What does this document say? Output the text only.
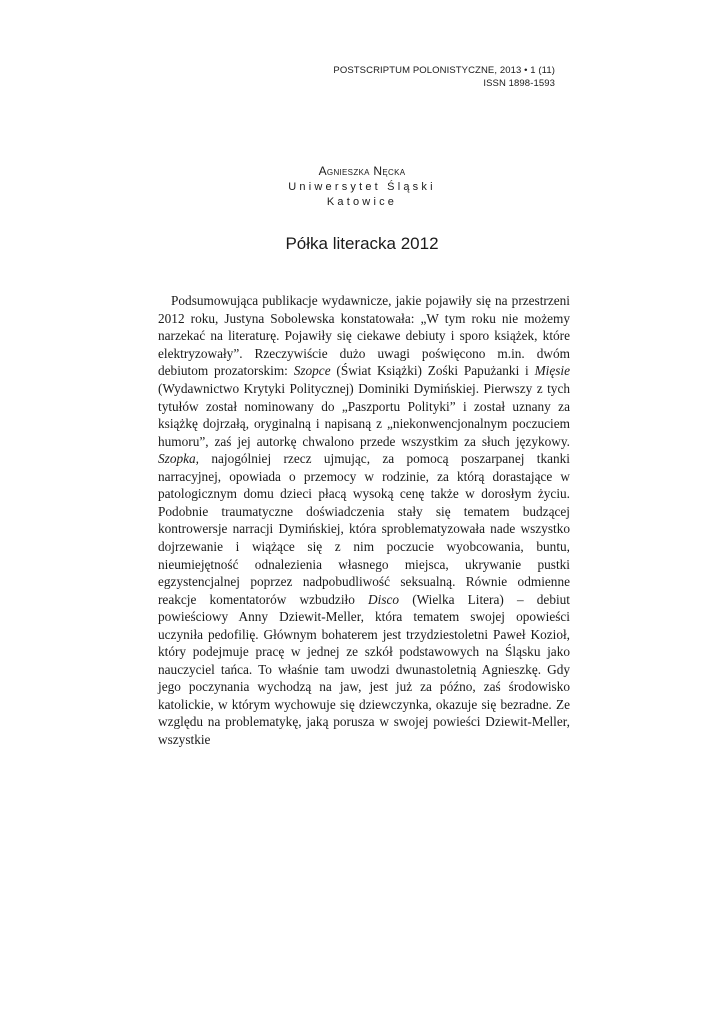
POSTSCRIPTUM POLONISTYCZNE, 2013 • 1 (11)
ISSN 1898-1593
Agnieszka Nęcka
Uniwersytet Śląski
Katowice
Półka literacka 2012

Podsumowująca publikacje wydawnicze, jakie pojawiły się na przestrzeni 2012 roku, Justyna Sobolewska konstatowała: „W tym roku nie możemy narzekać na literaturę. Pojawiły się ciekawe debiuty i sporo książek, które elektryzowały”. Rzeczywiście dużo uwagi poświęcono m.in. dwóm debiutom prozatorskim: Szopce (Świat Książki) Zośki Papużanki i Mięsie (Wydawnictwo Krytyki Politycznej) Dominiki Dymińskiej. Pierwszy z tych tytułów został nominowany do „Paszportu Polityki” i został uznany za książkę dojrzałą, oryginalną i napisaną z „niekonwencjonalnym poczuciem humoru”, zaś jej autorkę chwalono przede wszystkim za słuch językowy. Szopka, najogólniej rzecz ujmując, za pomocą poszarpanej tkanki narracyjnej, opowiada o przemocy w rodzinie, za którą dorastające w patologicznym domu dzieci płacą wysoką cenę także w dorosłym życiu. Podobnie traumatyczne doświadczenia stały się tematem budzącej kontrowersje narracji Dymińskiej, która sproblematyzowała nade wszystko dojrzewanie i wiążące się z nim poczucie wyobcowania, buntu, nieumiejętność odnalezienia własnego miejsca, ukrywanie pustki egzystencjalnej poprzez nadpobudliwość seksualną. Równie odmienne reakcje komentatorów wzbudziło Disco (Wielka Litera) – debiut powieściowy Anny Dziewit-Meller, która tematem swojej opowieści uczyniła pedofilię. Głównym bohaterem jest trzydziestoletni Paweł Kozioł, który podejmuje pracę w jednej ze szkół podstawowych na Śląsku jako nauczyciel tańca. To właśnie tam uwodzi dwunastoletnią Agnieszkę. Gdy jego poczynania wychodzą na jaw, jest już za późno, zaś środowisko katolickie, w którym wychowuje się dziewczynka, okazuje się bezradne. Ze względu na problematykę, jaką porusza w swojej powieści Dziewit-Meller, wszystkie
